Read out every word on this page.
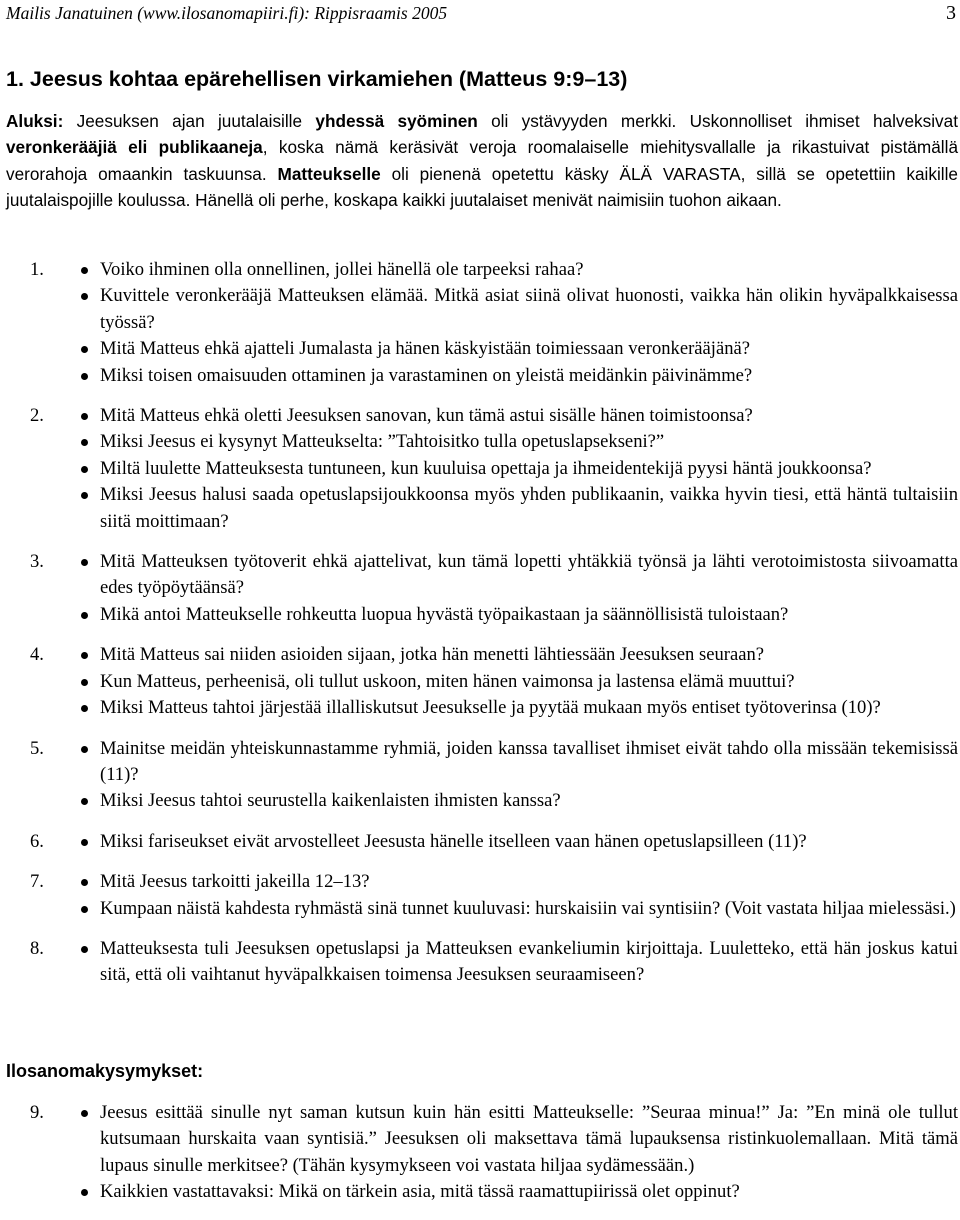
Mailis Janatuinen (www.ilosanomapiiri.fi): Rippisraamis 2005	3
1. Jeesus kohtaa epärehellisen virkamiehen (Matteus 9:9–13)

Aluksi: Jeesuksen ajan juutalaisille yhdessä syöminen oli ystävyyden merkki. Uskonnolliset ihmiset halveksivat veronkerääjiä eli publikaaneja, koska nämä keräsivät veroja roomalaiselle miehitysvallalle ja rikastuivat pistämällä verorahoja omaankin taskuunsa. Matteukselle oli pienenä opetettu käsky ÄLÄ VARASTA, sillä se opetettiin kaikille juutalaispojille koulussa. Hänellä oli perhe, koskapa kaikki juutalaiset menivät naimisiin tuohon aikaan.

1.	Voiko ihminen olla onnellinen, jollei hänellä ole tarpeeksi rahaa?
Kuvittele veronkerääjä Matteuksen elämää. Mitkä asiat siinä olivat huonosti, vaikka hän olikin hyväpalkkaisessa työssä?
Mitä Matteus ehkä ajatteli Jumalasta ja hänen käskyistään toimiessaan veronkerääjänä?
Miksi toisen omaisuuden ottaminen ja varastaminen on yleistä meidänkin päivinämme?
2.	Mitä Matteus ehkä oletti Jeesuksen sanovan, kun tämä astui sisälle hänen toimistoonsa?
Miksi Jeesus ei kysynyt Matteukselta: ”Tahtoisitko tulla opetuslapsekseni?”
Miltä luulette Matteuksesta tuntuneen, kun kuuluisa opettaja ja ihmeidentekijä pyysi häntä joukkoonsa?
Miksi Jeesus halusi saada opetuslapsijoukkoonsa myös yhden publikaanin, vaikka hyvin tiesi, että häntä tultaisiin siitä moittimaan?
3.	Mitä Matteuksen työtoverit ehkä ajattelivat, kun tämä lopetti yhtäkkiä työnsä ja lähti verotoimistosta siivoamatta edes työpöytäänsä?
Mikä antoi Matteukselle rohkeutta luopua hyvästä työpaikastaan ja säännöllisistä tuloistaan?
4.	Mitä Matteus sai niiden asioiden sijaan, jotka hän menetti lähtiessään Jeesuksen seuraan?
Kun Matteus, perheenisä, oli tullut uskoon, miten hänen vaimonsa ja lastensa elämä muuttui?
Miksi Matteus tahtoi järjestää illalliskutsut Jeesukselle ja pyytää mukaan myös entiset työtoverinsa (10)?
5.	Mainitse meidän yhteiskunnastamme ryhmiä, joiden kanssa tavalliset ihmiset eivät tahdo olla missään tekemisissä (11)?
Miksi Jeesus tahtoi seurustella kaikenlaisten ihmisten kanssa?
6.	Miksi fariseukset eivät arvostelleet Jeesusta hänelle itselleen vaan hänen opetuslapsilleen (11)?
7.	Mitä Jeesus tarkoitti jakeilla 12–13?
Kumpaan näistä kahdesta ryhmästä sinä tunnet kuuluvasi: hurskaisiin vai syntisiin? (Voit vastata hiljaa mielessäsi.)
8.	Matteuksesta tuli Jeesuksen opetuslapsi ja Matteuksen evankeliumin kirjoittaja. Luuletteko, että hän joskus katui sitä, että oli vaihtanut hyväpalkkaisen toimensa Jeesuksen seuraamiseen?
Ilosanomakysymykset:
9.	Jeesus esittää sinulle nyt saman kutsun kuin hän esitti Matteukselle: ”Seuraa minua!” Ja: ”En minä ole tullut kutsumaan hurskaita vaan syntisiä.” Jeesuksen oli maksettava tämä lupauksensa ristinkuolemallaan. Mitä tämä lupaus sinulle merkitsee? (Tähän kysymykseen voi vastata hiljaa sydämessään.)
Kaikkien vastattavaksi: Mikä on tärkein asia, mitä tässä raamattupiirissä olet oppinut?
